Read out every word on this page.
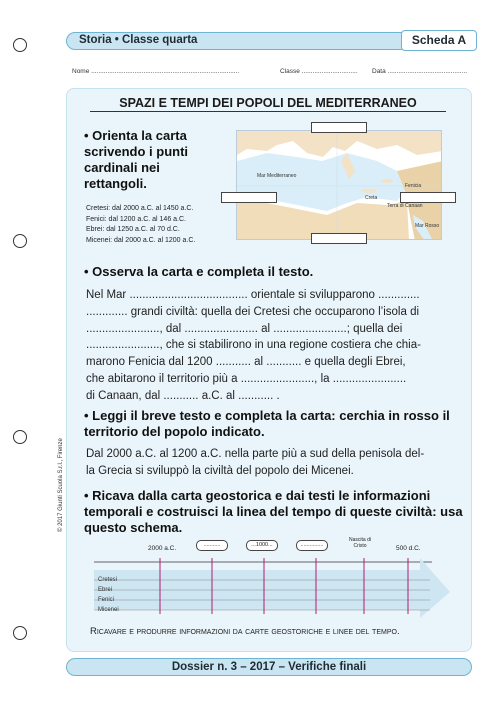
Storia • Classe quarta	Scheda A
Nome ..................................................................................	Classe ............................... Data ............................................
SPAZI E TEMPI DEI POPOLI DEL MEDITERRANEO
• Orienta la carta scrivendo i punti cardinali nei rettangoli.
Cretesi: dal 2000 a.C. al 1450 a.C.
Fenici: dal 1200 a.C. al 146 a.C.
Ebrei: dal 1250 a.C. al 70 d.C.
Micenei: dal 2000 a.C. al 1200 a.C.
Mar Mediterraneo
Creta
Fenicia
Terra di Canaan
Mar Rosso
• Osserva la carta e completa il testo.
Nel Mar ..................................... orientale si svilupparono .............
............. grandi civiltà: quella dei Cretesi che occuparono l’isola di
......................., dal ....................... al .......................; quella dei
......................., che si stabilirono in una regione costiera che chia-
marono Fenicia dal 1200 ........... al ........... e quella degli Ebrei,
che abitarono il territorio più a ......................., la .......................
di Canaan, dal ........... a.C. al ........... .
• Leggi il breve testo e completa la carta: cerchia in rosso il territorio del popolo indicato.
Dal 2000 a.C. al 1200 a.C. nella parte più a sud della penisola del-
la Grecia si sviluppò la civiltà del popolo dei Micenei.
• Ricava dalla carta geostorica e dai testi le informazioni temporali e costruisci la linea del tempo di queste civiltà: usa questo schema.
2000 a.C.	...........	...1000...	...............
Nascita di Cristo	500 d.C.
Cretesi
Ebrei
Fenici
Micenei
Ricavare e produrre informazioni da carte geostoriche e linee del tempo.
Dossier n. 3 – 2017 – Verifiche finali
© 2017 Giunti Scuola S.r.l., Firenze
